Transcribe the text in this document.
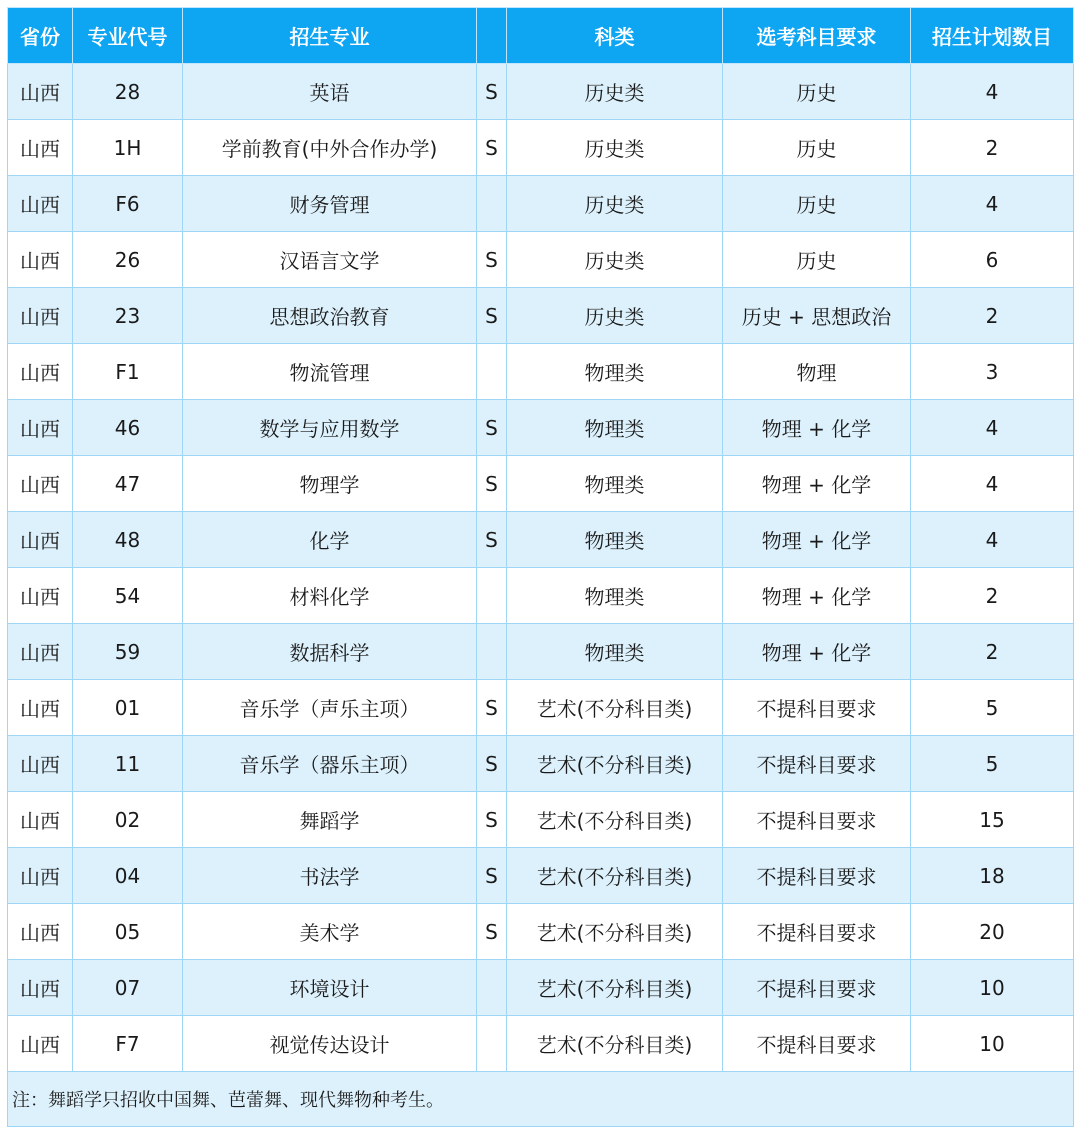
省份	专业代号	招生专业		科类	选考科目要求	招生计划数目
山西	28	英语	S	历史类	历史	4
山西	1H	学前教育(中外合作办学)	S	历史类	历史	2
山西	F6	财务管理		历史类	历史	4
山西	26	汉语言文学	S	历史类	历史	6
山西	23	思想政治教育	S	历史类	历史 + 思想政治	2
山西	F1	物流管理		物理类	物理	3
山西	46	数学与应用数学	S	物理类	物理 + 化学	4
山西	47	物理学	S	物理类	物理 + 化学	4
山西	48	化学	S	物理类	物理 + 化学	4
山西	54	材料化学		物理类	物理 + 化学	2
山西	59	数据科学		物理类	物理 + 化学	2
山西	01	音乐学（声乐主项）	S	艺术(不分科目类)	不提科目要求	5
山西	11	音乐学（器乐主项）	S	艺术(不分科目类)	不提科目要求	5
山西	02	舞蹈学	S	艺术(不分科目类)	不提科目要求	15
山西	04	书法学	S	艺术(不分科目类)	不提科目要求	18
山西	05	美术学	S	艺术(不分科目类)	不提科目要求	20
山西	07	环境设计		艺术(不分科目类)	不提科目要求	10
山西	F7	视觉传达设计		艺术(不分科目类)	不提科目要求	10
注：舞蹈学只招收中国舞、芭蕾舞、现代舞物种考生。						
